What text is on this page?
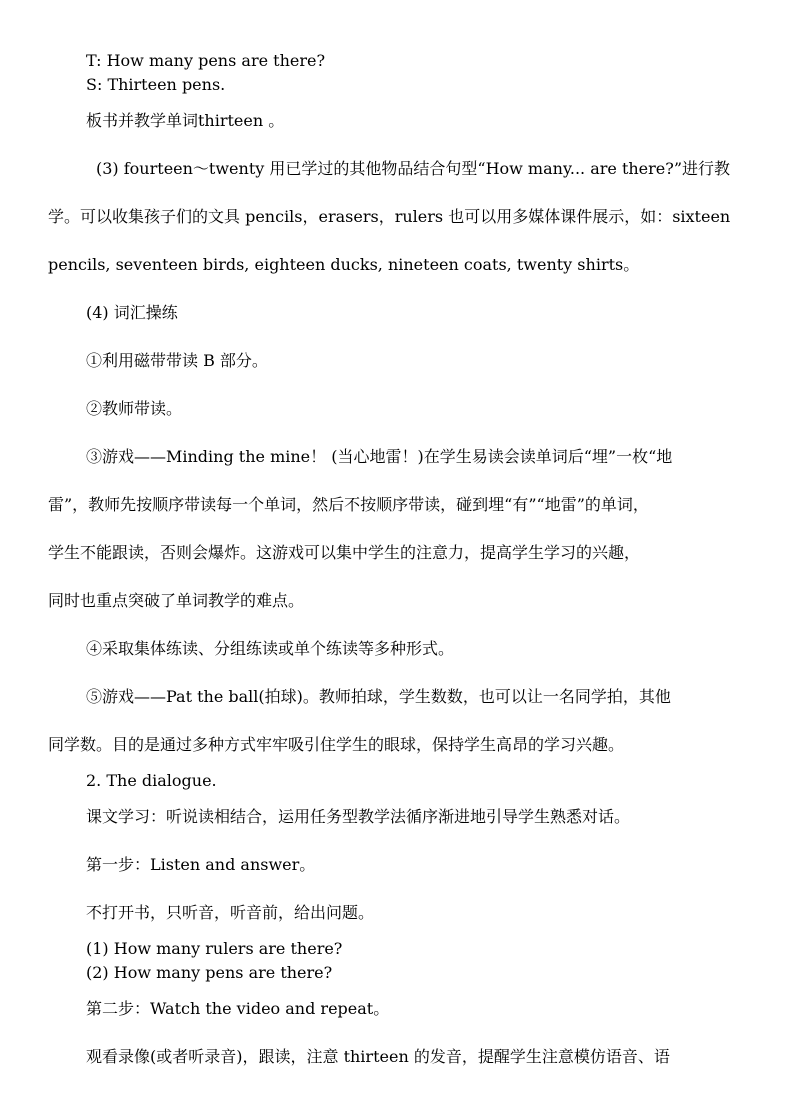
T: How many pens are there?
S: Thirteen pens.
板书并教学单词thirteen 。
(3) fourteen～twenty 用已学过的其他物品结合句型“How many... are there?”进行教
学。可以收集孩子们的文具 pencils，erasers，rulers 也可以用多媒体课件展示，如：sixteen
pencils, seventeen birds, eighteen ducks, nineteen coats, twenty shirts。
(4) 词汇操练
①利用磁带带读 B 部分。
②教师带读。
③游戏——Minding the mine！ (当心地雷！)在学生易读会读单词后“埋”一枚“地
雷”，教师先按顺序带读每一个单词，然后不按顺序带读，碰到埋“有”“地雷”的单词，
学生不能跟读，否则会爆炸。这游戏可以集中学生的注意力，提高学生学习的兴趣，
同时也重点突破了单词教学的难点。
④采取集体练读、分组练读或单个练读等多种形式。
⑤游戏——Pat the ball(拍球)。教师拍球，学生数数，也可以让一名同学拍，其他
同学数。目的是通过多种方式牢牢吸引住学生的眼球，保持学生高昂的学习兴趣。
2. The dialogue.
课文学习：听说读相结合，运用任务型教学法循序渐进地引导学生熟悉对话。
第一步：Listen and answer。
不打开书，只听音，听音前，给出问题。
(1) How many rulers are there?
(2) How many pens are there?
第二步：Watch the video and repeat。
观看录像(或者听录音)，跟读，注意 thirteen 的发音，提醒学生注意模仿语音、语
